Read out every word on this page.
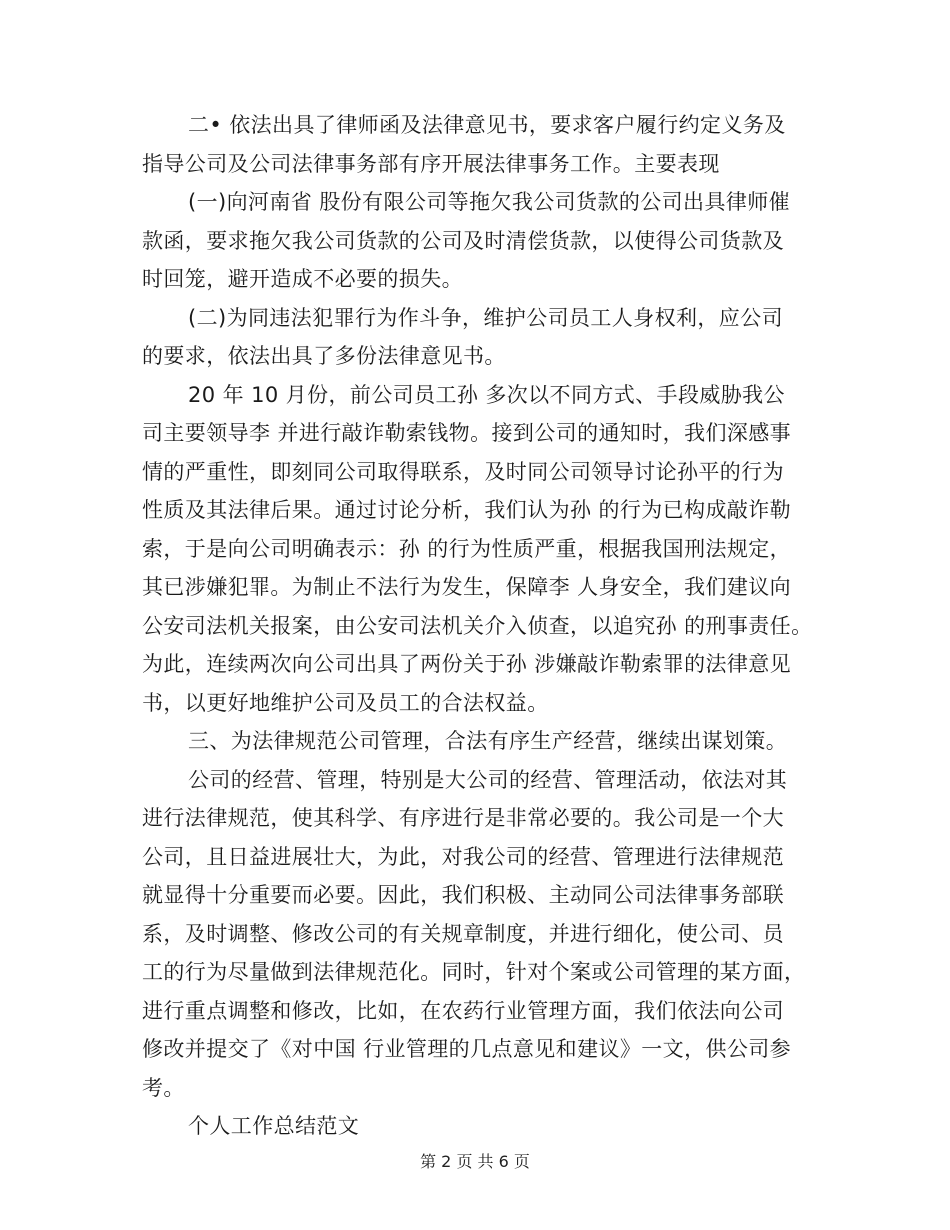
二• 依法出具了律师函及法律意见书，要求客户履行约定义务及
指导公司及公司法律事务部有序开展法律事务工作。主要表现
(一)向河南省 股份有限公司等拖欠我公司货款的公司出具律师催
款函，要求拖欠我公司货款的公司及时清偿货款，以使得公司货款及
时回笼，避开造成不必要的损失。
(二)为同违法犯罪行为作斗争，维护公司员工人身权利，应公司
的要求，依法出具了多份法律意见书。
20 年 10 月份，前公司员工孙 多次以不同方式、手段威胁我公
司主要领导李 并进行敲诈勒索钱物。接到公司的通知时，我们深感事
情的严重性，即刻同公司取得联系，及时同公司领导讨论孙平的行为
性质及其法律后果。通过讨论分析，我们认为孙 的行为已构成敲诈勒
索，于是向公司明确表示：孙 的行为性质严重，根据我国刑法规定，
其已涉嫌犯罪。为制止不法行为发生，保障李 人身安全，我们建议向
公安司法机关报案，由公安司法机关介入侦查，以追究孙 的刑事责任。
为此，连续两次向公司出具了两份关于孙 涉嫌敲诈勒索罪的法律意见
书，以更好地维护公司及员工的合法权益。
三、为法律规范公司管理，合法有序生产经营，继续出谋划策。
公司的经营、管理，特别是大公司的经营、管理活动，依法对其
进行法律规范，使其科学、有序进行是非常必要的。我公司是一个大
公司，且日益进展壮大，为此，对我公司的经营、管理进行法律规范
就显得十分重要而必要。因此，我们积极、主动同公司法律事务部联
系，及时调整、修改公司的有关规章制度，并进行细化，使公司、员
工的行为尽量做到法律规范化。同时，针对个案或公司管理的某方面，
进行重点调整和修改，比如，在农药行业管理方面，我们依法向公司
修改并提交了《对中国 行业管理的几点意见和建议》一文，供公司参
考。
个人工作总结范文
第 2 页 共 6 页
